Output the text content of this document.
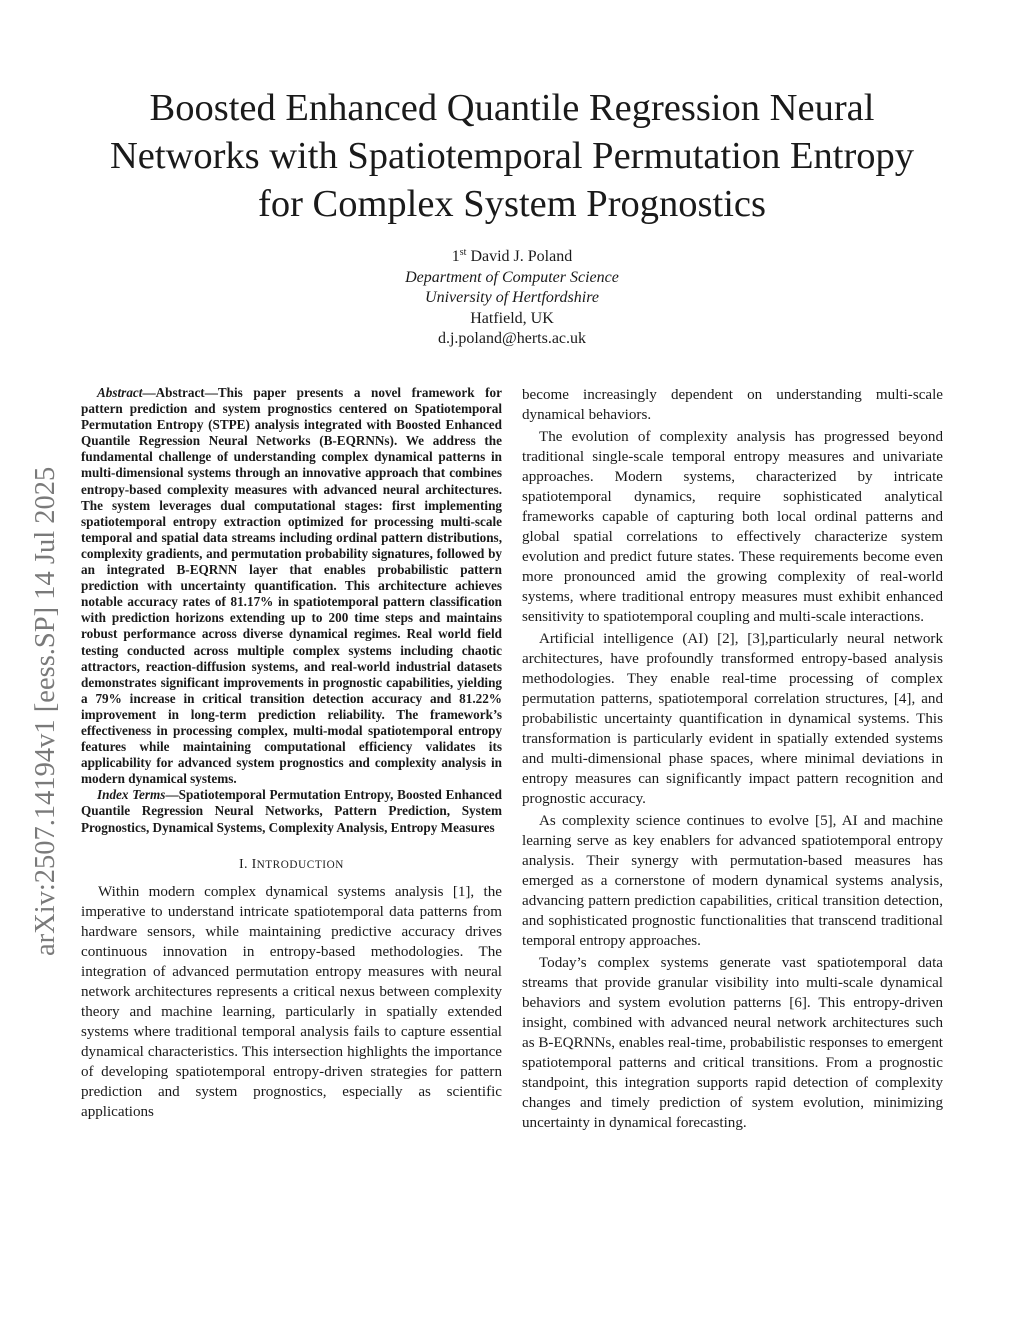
Boosted Enhanced Quantile Regression Neural
Networks with Spatiotemporal Permutation Entropy
for Complex System Prognostics
1st David J. Poland
Department of Computer Science
University of Hertfordshire
Hatfield, UK
d.j.poland@herts.ac.uk
arXiv:2507.14194v1 [eess.SP] 14 Jul 2025

Abstract—Abstract—This paper presents a novel framework for pattern prediction and system prognostics centered on Spatiotemporal Permutation Entropy (STPE) analysis integrated with Boosted Enhanced Quantile Regression Neural Networks (B-EQRNNs). We address the fundamental challenge of understanding complex dynamical patterns in multi-dimensional systems through an innovative approach that combines entropy-based complexity measures with advanced neural architectures. The system leverages dual computational stages: first implementing spatiotemporal entropy extraction optimized for processing multi-scale temporal and spatial data streams including ordinal pattern distributions, complexity gradients, and permutation probability signatures, followed by an integrated B-EQRNN layer that enables probabilistic pattern prediction with uncertainty quantification. This architecture achieves notable accuracy rates of 81.17% in spatiotemporal pattern classification with prediction horizons extending up to 200 time steps and maintains robust performance across diverse dynamical regimes. Real world field testing conducted across multiple complex systems including chaotic attractors, reaction-diffusion systems, and real-world industrial datasets demonstrates significant improvements in prognostic capabilities, yielding a 79% increase in critical transition detection accuracy and 81.22% improvement in long-term prediction reliability. The framework’s effectiveness in processing complex, multi-modal spatiotemporal entropy features while maintaining computational efficiency validates its applicability for advanced system prognostics and complexity analysis in modern dynamical systems.

Index Terms—Spatiotemporal Permutation Entropy, Boosted Enhanced Quantile Regression Neural Networks, Pattern Prediction, System Prognostics, Dynamical Systems, Complexity Analysis, Entropy Measures

I. INTRODUCTION

Within modern complex dynamical systems analysis [1], the imperative to understand intricate spatiotemporal data patterns from hardware sensors, while maintaining predictive accuracy drives continuous innovation in entropy-based methodologies. The integration of advanced permutation entropy measures with neural network architectures represents a critical nexus between complexity theory and machine learning, particularly in spatially extended systems where traditional temporal analysis fails to capture essential dynamical characteristics. This intersection highlights the importance of developing spatiotemporal entropy-driven strategies for pattern prediction and system prognostics, especially as scientific applications

become increasingly dependent on understanding multi-scale dynamical behaviors.

The evolution of complexity analysis has progressed beyond traditional single-scale temporal entropy measures and univariate approaches. Modern systems, characterized by intricate spatiotemporal dynamics, require sophisticated analytical frameworks capable of capturing both local ordinal patterns and global spatial correlations to effectively characterize system evolution and predict future states. These requirements become even more pronounced amid the growing complexity of real-world systems, where traditional entropy measures must exhibit enhanced sensitivity to spatiotemporal coupling and multi-scale interactions.

Artificial intelligence (AI) [2], [3],particularly neural network architectures, have profoundly transformed entropy-based analysis methodologies. They enable real-time processing of complex permutation patterns, spatiotemporal correlation structures, [4], and probabilistic uncertainty quantification in dynamical systems. This transformation is particularly evident in spatially extended systems and multi-dimensional phase spaces, where minimal deviations in entropy measures can significantly impact pattern recognition and prognostic accuracy.

As complexity science continues to evolve [5], AI and machine learning serve as key enablers for advanced spatiotemporal entropy analysis. Their synergy with permutation-based measures has emerged as a cornerstone of modern dynamical systems analysis, advancing pattern prediction capabilities, critical transition detection, and sophisticated prognostic functionalities that transcend traditional temporal entropy approaches.

Today’s complex systems generate vast spatiotemporal data streams that provide granular visibility into multi-scale dynamical behaviors and system evolution patterns [6]. This entropy-driven insight, combined with advanced neural network architectures such as B-EQRNNs, enables real-time, probabilistic responses to emergent spatiotemporal patterns and critical transitions. From a prognostic standpoint, this integration supports rapid detection of complexity changes and timely prediction of system evolution, minimizing uncertainty in dynamical forecasting.
